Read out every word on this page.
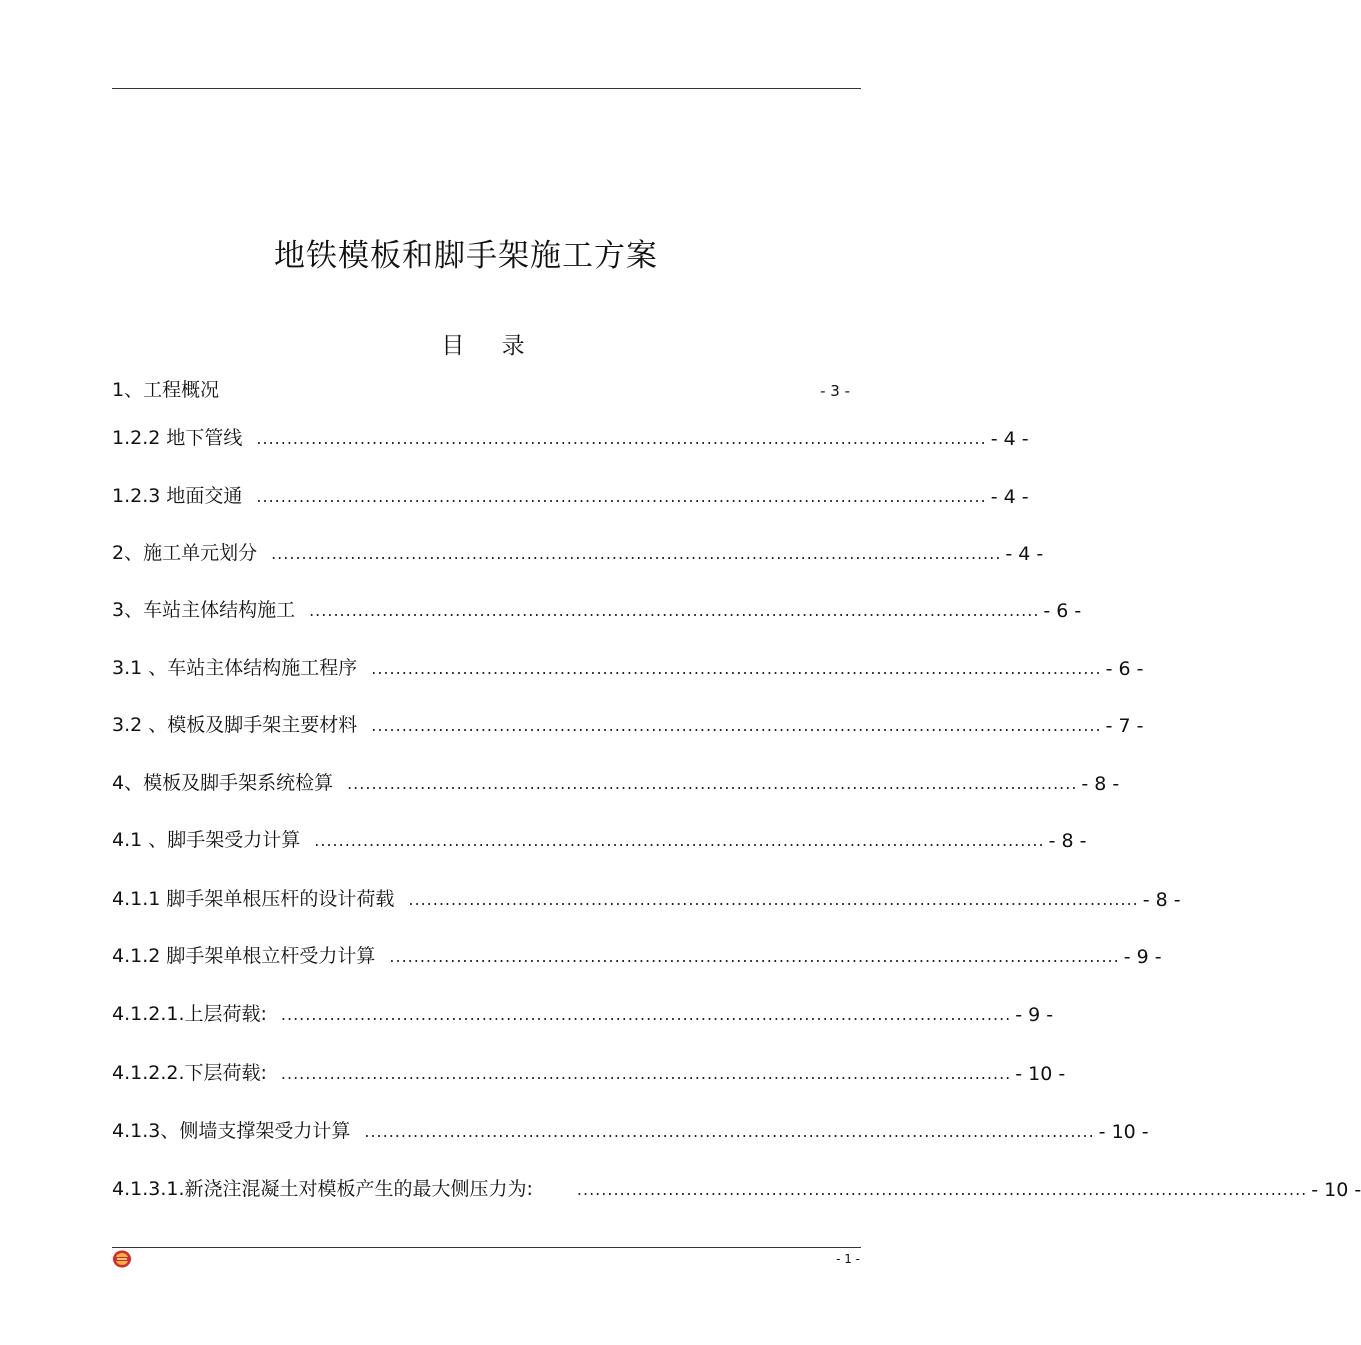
地铁模板和脚手架施工方案
目 录
1、工程概况	- 3 -
1.2.2 地下管线 ........................................................................................................................ - 4 -
1.2.3 地面交通 ........................................................................................................................ - 4 -
2、施工单元划分 ........................................................................................................................ - 4 -
3、车站主体结构施工 ........................................................................................................................ - 6 -
3.1 、车站主体结构施工程序 ........................................................................................................................ - 6 -
3.2 、模板及脚手架主要材料 ........................................................................................................................ - 7 -
4、模板及脚手架系统检算 ........................................................................................................................ - 8 -
4.1 、脚手架受力计算 ........................................................................................................................ - 8 -
4.1.1 脚手架单根压杆的设计荷载 ........................................................................................................................ - 8 -
4.1.2 脚手架单根立杆受力计算 ........................................................................................................................ - 9 -
4.1.2.1.上层荷载: ........................................................................................................................ - 9 -
4.1.2.2.下层荷载: ........................................................................................................................ - 10 -
4.1.3、侧墙支撑架受力计算 ........................................................................................................................ - 10 -
4.1.3.1.新浇注混凝土对模板产生的最大侧压力为:	........................................................................................................................ - 10 -
- 1 -
